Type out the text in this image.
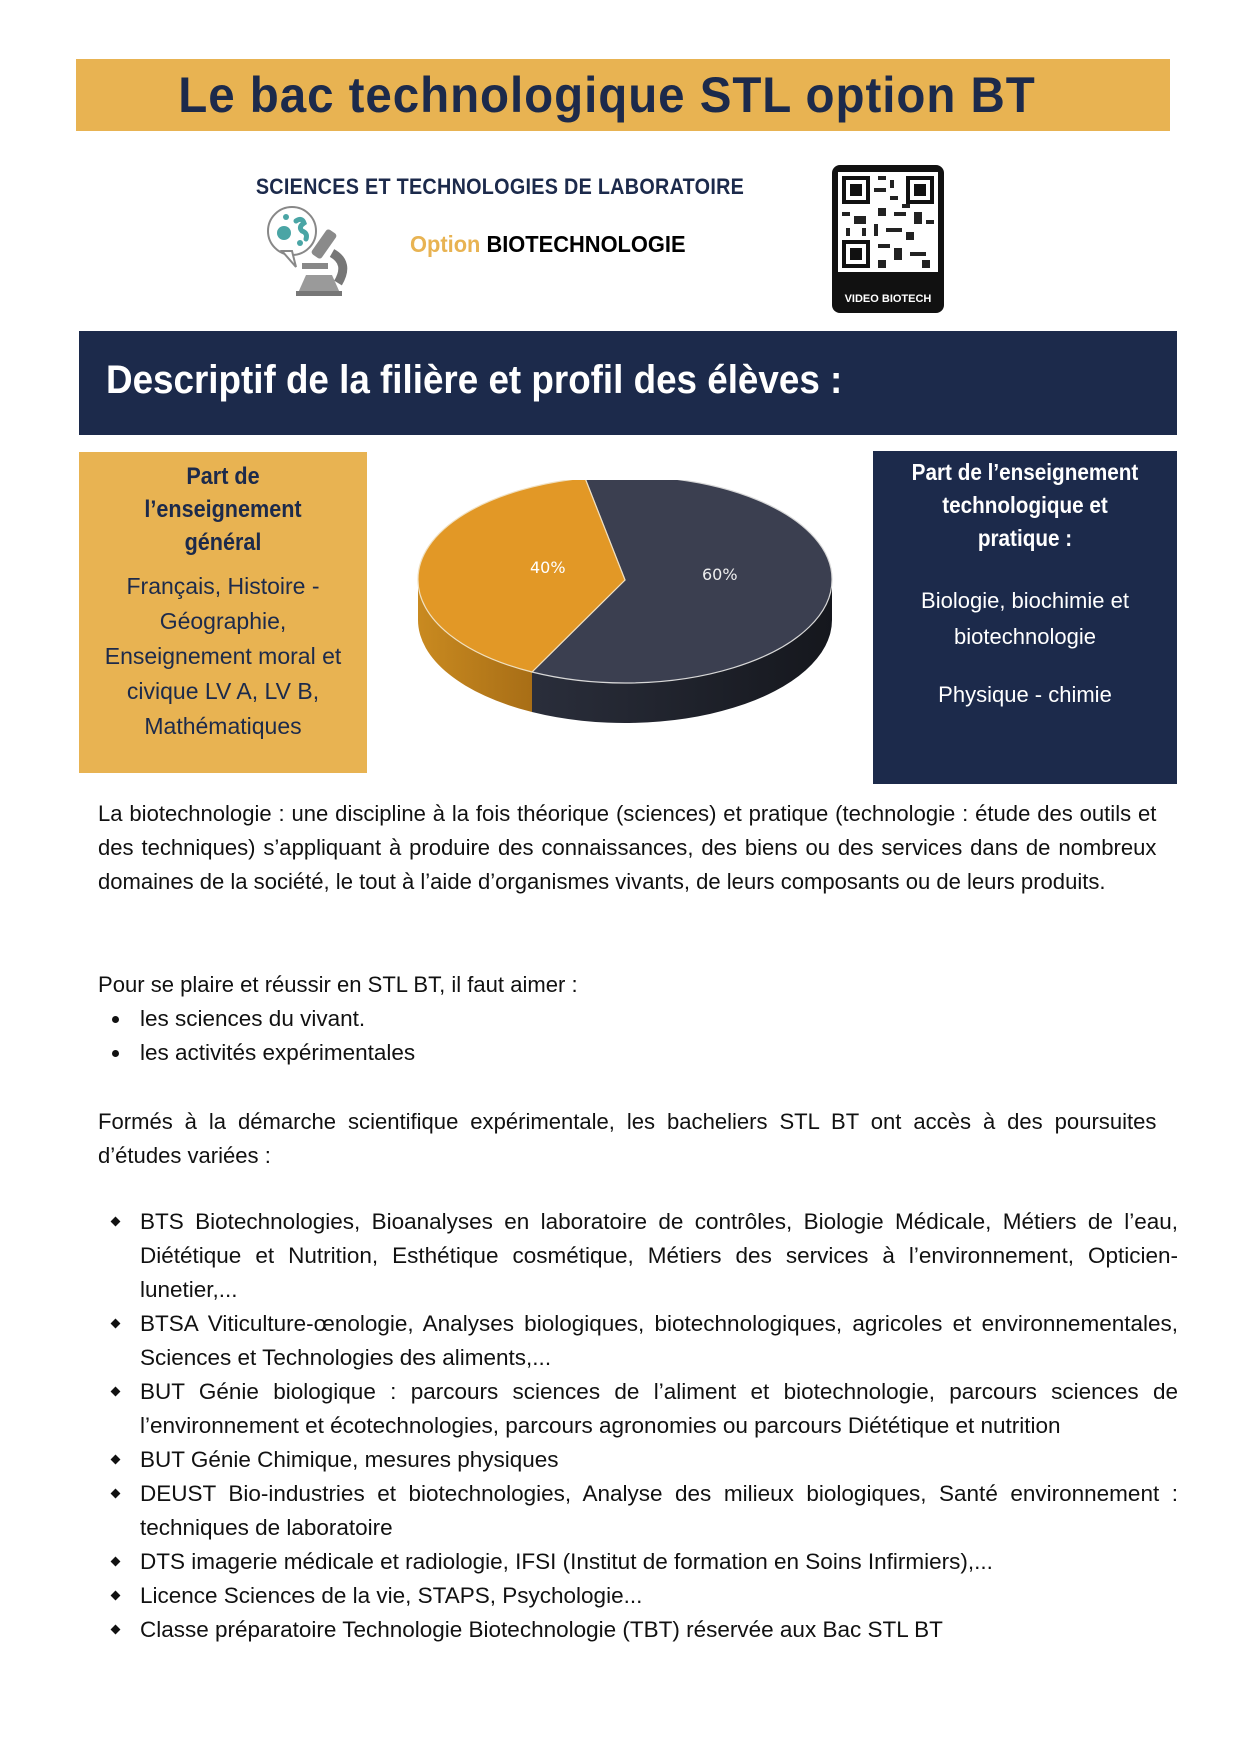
Le bac technologique STL option BT
SCIENCES ET TECHNOLOGIES DE LABORATOIRE
Option BIOTECHNOLOGIE
VIDEO BIOTECH
Descriptif de la filière et profil des élèves :
Part de
l’enseignement
général
Français, Histoire -
Géographie,
Enseignement moral et
civique LV A, LV B,
Mathématiques
40%	60%
Part de l’enseignement
technologique et
pratique :
Biologie, biochimie et
biotechnologie
Physique - chimie
La biotechnologie : une discipline à la fois théorique (sciences) et pratique (technologie : étude des outils et des techniques) s’appliquant à produire des connaissances, des biens ou des services dans de nombreux domaines de la société, le tout à l’aide d’organismes vivants, de leurs composants ou de leurs produits.
Pour se plaire et réussir en STL BT, il faut aimer :
les sciences du vivant.
les activités expérimentales
Formés à la démarche scientifique expérimentale, les bacheliers STL BT ont accès à des poursuites d’études variées :
BTS Biotechnologies, Bioanalyses en laboratoire de contrôles, Biologie Médicale, Métiers de l’eau, Diététique et Nutrition, Esthétique cosmétique, Métiers des services à l’environnement, Opticien-lunetier,...
BTSA Viticulture-œnologie, Analyses biologiques, biotechnologiques, agricoles et environnementales, Sciences et Technologies des aliments,...
BUT Génie biologique : parcours sciences de l’aliment et biotechnologie, parcours sciences de l’environnement et écotechnologies, parcours agronomies ou parcours Diététique et nutrition
BUT Génie Chimique, mesures physiques
DEUST Bio-industries et biotechnologies, Analyse des milieux biologiques, Santé environnement : techniques de laboratoire
DTS imagerie médicale et radiologie, IFSI (Institut de formation en Soins Infirmiers),...
Licence Sciences de la vie, STAPS, Psychologie...
Classe préparatoire Technologie Biotechnologie (TBT) réservée aux Bac STL BT
